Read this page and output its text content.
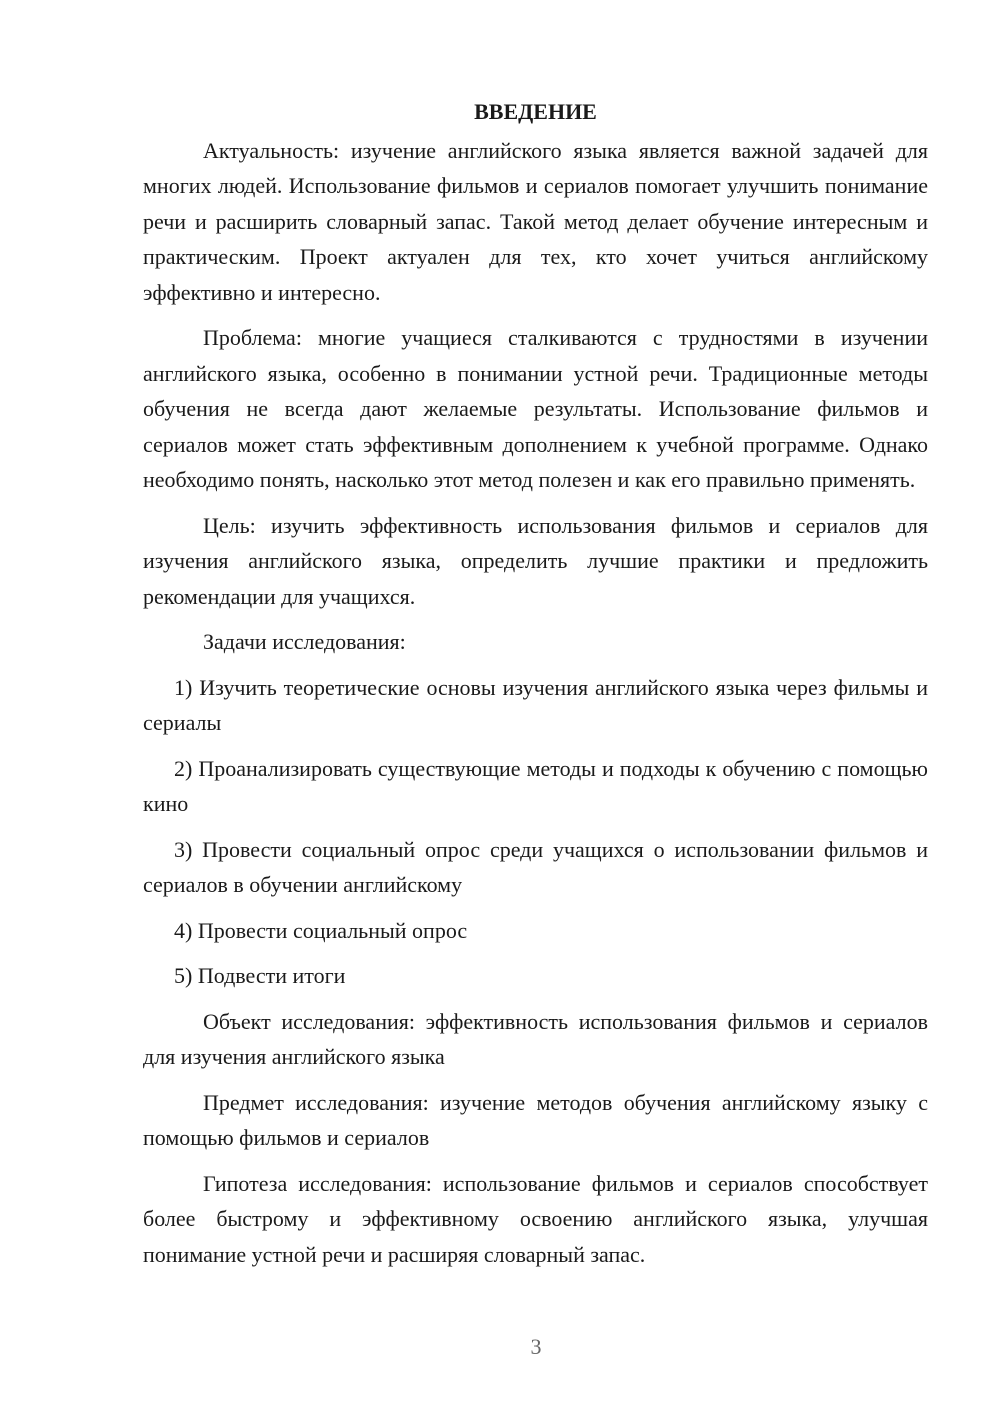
ВВЕДЕНИЕ

Актуальность: изучение английского языка является важной задачей для многих людей. Использование фильмов и сериалов помогает улучшить понимание речи и расширить словарный запас. Такой метод делает обучение интересным и практическим. Проект актуален для тех, кто хочет учиться английскому эффективно и интересно.

Проблема: многие учащиеся сталкиваются с трудностями в изучении английского языка, особенно в понимании устной речи. Традиционные методы обучения не всегда дают желаемые результаты. Использование фильмов и сериалов может стать эффективным дополнением к учебной программе. Однако необходимо понять, насколько этот метод полезен и как его правильно применять.

Цель: изучить эффективность использования фильмов и сериалов для изучения английского языка, определить лучшие практики и предложить рекомендации для учащихся.

Задачи исследования:

1) Изучить теоретические основы изучения английского языка через фильмы и сериалы

2) Проанализировать существующие методы и подходы к обучению с помощью кино

3) Провести социальный опрос среди учащихся о использовании фильмов и сериалов в обучении английскому

4) Провести социальный опрос

5) Подвести итоги

Объект исследования: эффективность использования фильмов и сериалов для изучения английского языка

Предмет исследования: изучение методов обучения английскому языку с помощью фильмов и сериалов

Гипотеза исследования: использование фильмов и сериалов способствует более быстрому и эффективному освоению английского языка, улучшая понимание устной речи и расширяя словарный запас.

3
